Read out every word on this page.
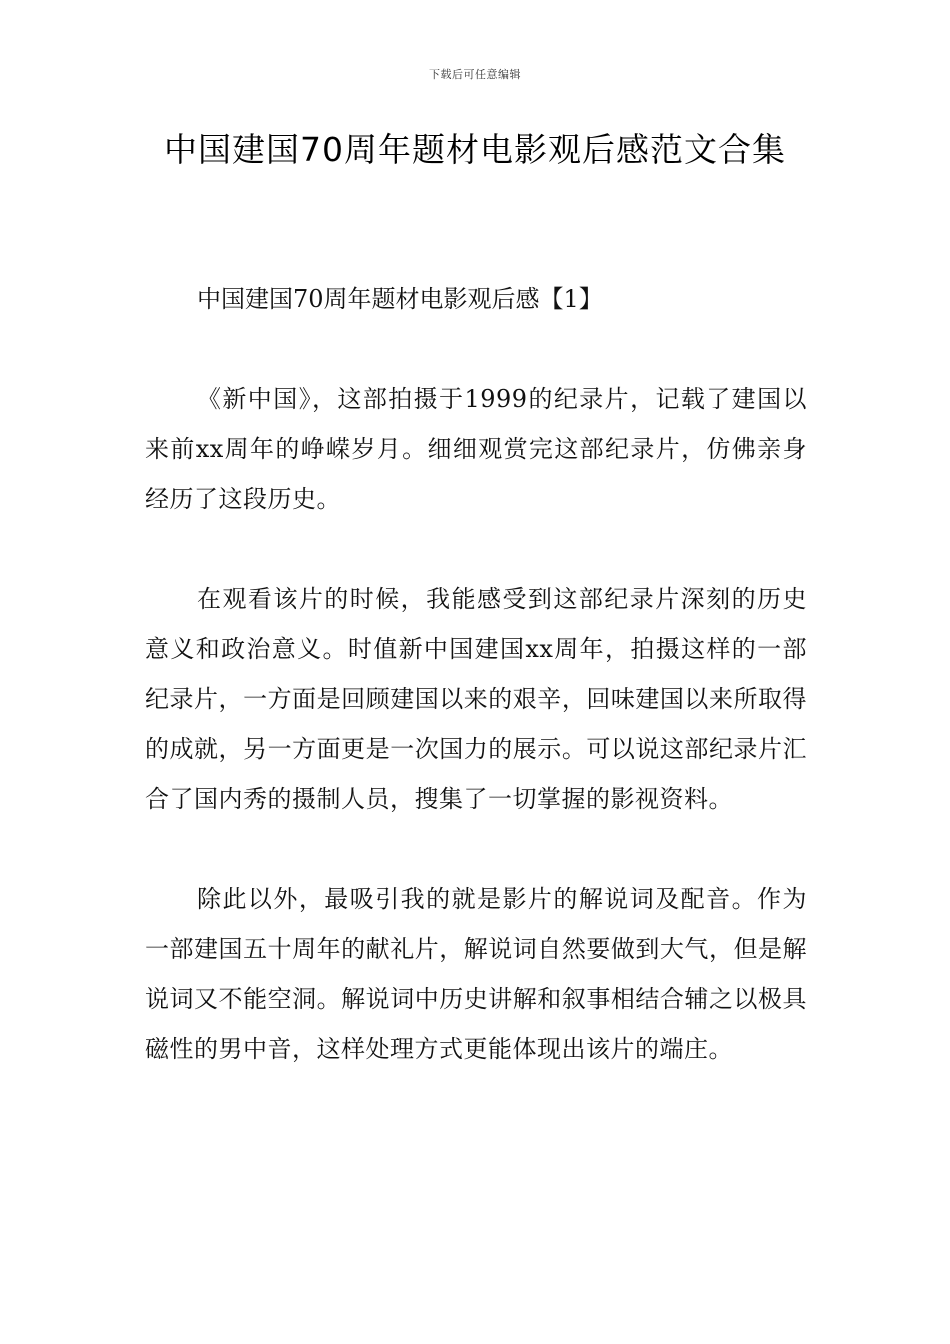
下载后可任意编辑
中国建国70周年题材电影观后感范文合集

中国建国70周年题材电影观后感【1】

《新中国》，这部拍摄于1999的纪录片，记载了建国以来前xx周年的峥嵘岁月。细细观赏完这部纪录片，仿佛亲身经历了这段历史。

在观看该片的时候，我能感受到这部纪录片深刻的历史意义和政治意义。时值新中国建国xx周年，拍摄这样的一部纪录片，一方面是回顾建国以来的艰辛，回味建国以来所取得的成就，另一方面更是一次国力的展示。可以说这部纪录片汇合了国内秀的摄制人员，搜集了一切掌握的影视资料。

除此以外，最吸引我的就是影片的解说词及配音。作为一部建国五十周年的献礼片，解说词自然要做到大气，但是解说词又不能空洞。解说词中历史讲解和叙事相结合辅之以极具磁性的男中音，这样处理方式更能体现出该片的端庄。
